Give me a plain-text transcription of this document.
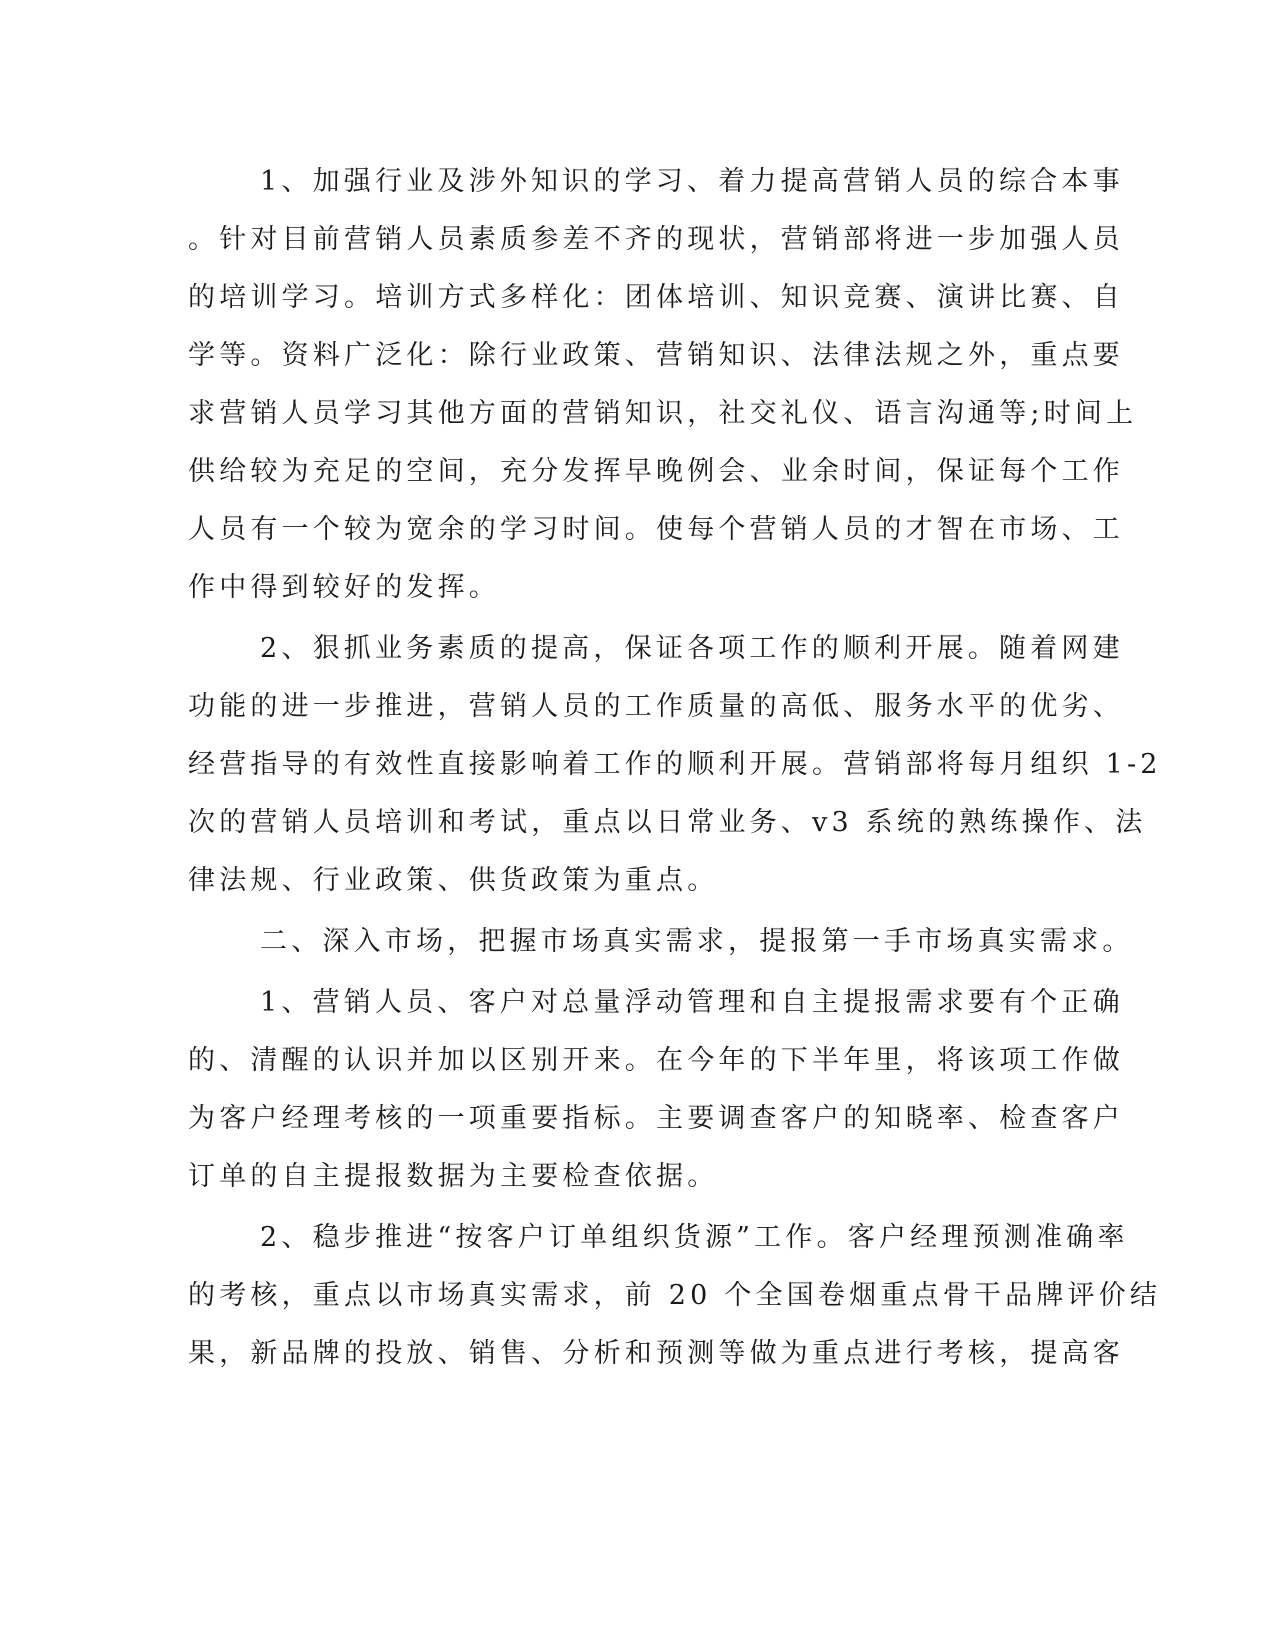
1、加强行业及涉外知识的学习、着力提高营销人员的综合本事
。针对目前营销人员素质参差不齐的现状，营销部将进一步加强人员
的培训学习。培训方式多样化：团体培训、知识竞赛、演讲比赛、自
学等。资料广泛化：除行业政策、营销知识、法律法规之外，重点要
求营销人员学习其他方面的营销知识，社交礼仪、语言沟通等;时间上
供给较为充足的空间，充分发挥早晚例会、业余时间，保证每个工作
人员有一个较为宽余的学习时间。使每个营销人员的才智在市场、工
作中得到较好的发挥。
2、狠抓业务素质的提高，保证各项工作的顺利开展。随着网建
功能的进一步推进，营销人员的工作质量的高低、服务水平的优劣、
经营指导的有效性直接影响着工作的顺利开展。营销部将每月组织 1-2
次的营销人员培训和考试，重点以日常业务、v3 系统的熟练操作、法
律法规、行业政策、供货政策为重点。
二、深入市场，把握市场真实需求，提报第一手市场真实需求。
1、营销人员、客户对总量浮动管理和自主提报需求要有个正确
的、清醒的认识并加以区别开来。在今年的下半年里，将该项工作做
为客户经理考核的一项重要指标。主要调查客户的知晓率、检查客户
订单的自主提报数据为主要检查依据。
2、稳步推进“按客户订单组织货源”工作。客户经理预测准确率
的考核，重点以市场真实需求，前 20 个全国卷烟重点骨干品牌评价结
果，新品牌的投放、销售、分析和预测等做为重点进行考核，提高客
